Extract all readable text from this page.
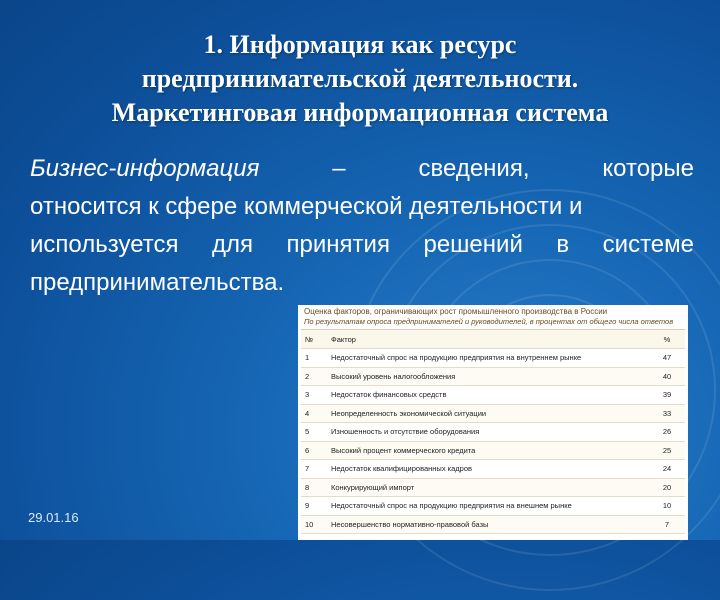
1. Информация как ресурс
предпринимательской деятельности.
Маркетинговая информационная система
Бизнес-информация	–	сведения,	которые
относится к сфере коммерческой деятельности и
используется для принятия решений в системе
предпринимательства.
Оценка факторов, ограничивающих рост промышленного производства в России
По результатам опроса предпринимателей и руководителей, в процентах от общего числа ответов
№	Фактор	%
1	Недостаточный спрос на продукцию предприятия на внутреннем рынке	47
2	Высокий уровень налогообложения	40
3	Недостаток финансовых средств	39
4	Неопределенность экономической ситуации	33
5	Изношенность и отсутствие оборудования	26
6	Высокий процент коммерческого кредита	25
7	Недостаток квалифицированных кадров	24
8	Конкурирующий импорт	20
9	Недостаточный спрос на продукцию предприятия на внешнем рынке	10
10	Несовершенство нормативно-правовой базы	7
29.01.16
